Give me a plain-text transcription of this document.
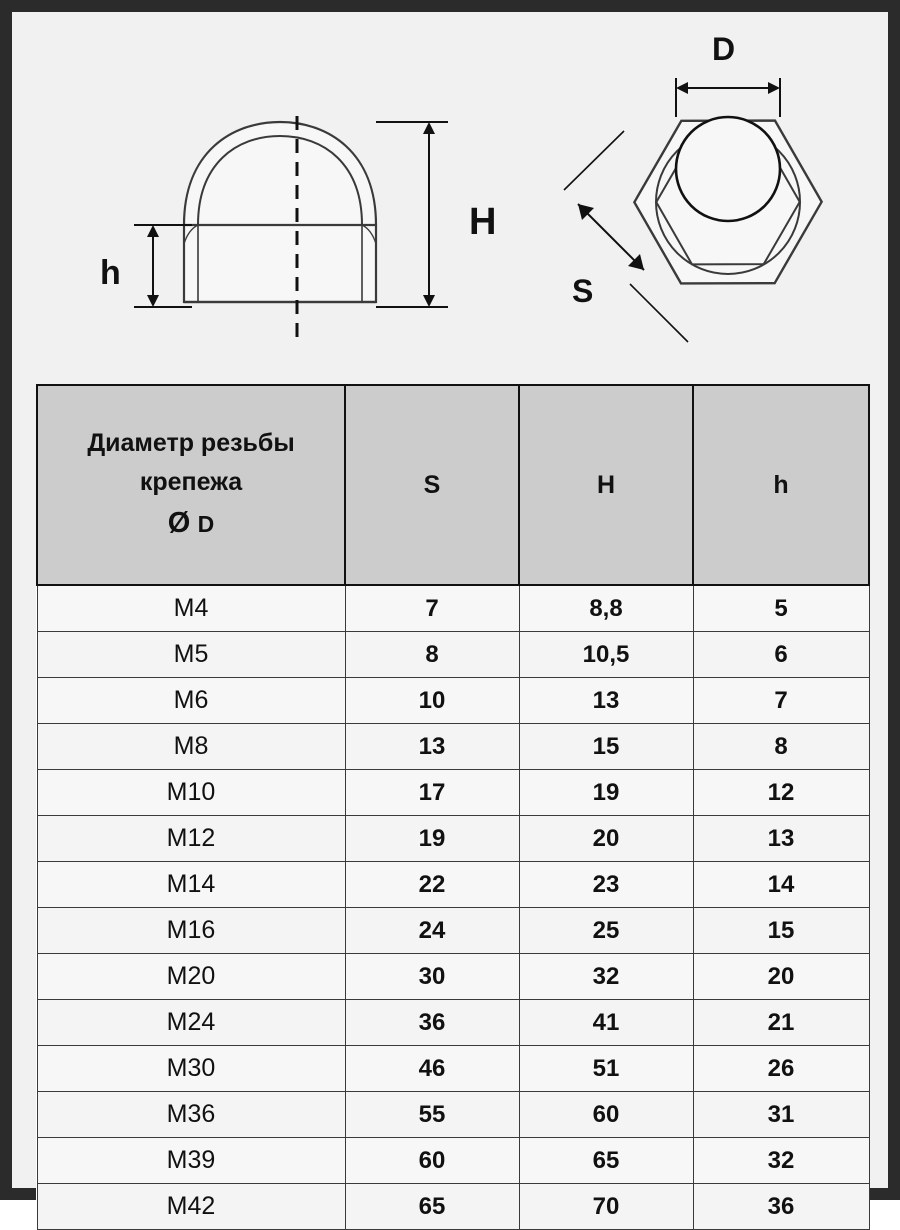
H
h
D
S
Диаметр резьбы
крепежа
Ø D	S	H	h
M4	7	8,8	5
M5	8	10,5	6
M6	10	13	7
M8	13	15	8
M10	17	19	12
M12	19	20	13
M14	22	23	14
M16	24	25	15
M20	30	32	20
M24	36	41	21
M30	46	51	26
M36	55	60	31
M39	60	65	32
M42	65	70	36
